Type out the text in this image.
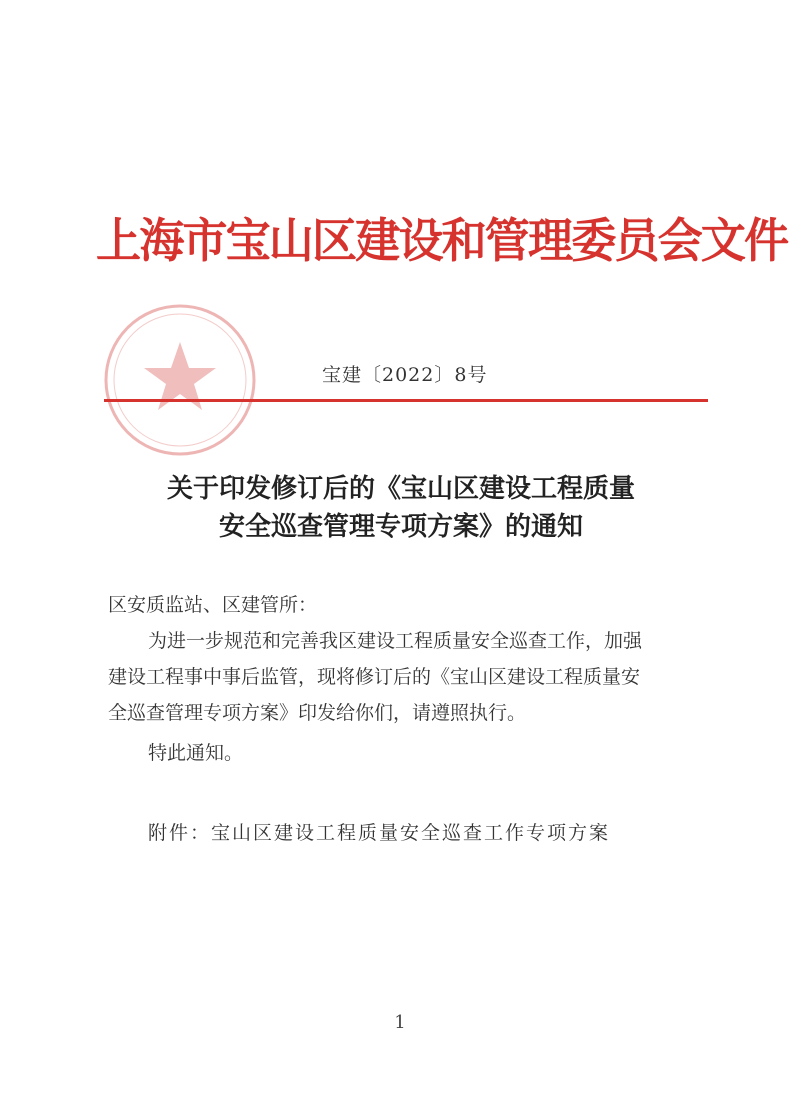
上海市宝山区建设和管理委员会文件
宝建〔2022〕8号
关于印发修订后的《宝山区建设工程质量
安全巡查管理专项方案》的通知
区安质监站、区建管所：
为进一步规范和完善我区建设工程质量安全巡查工作，加强
建设工程事中事后监管，现将修订后的《宝山区建设工程质量安
全巡查管理专项方案》印发给你们，请遵照执行。
特此通知。
附件：宝山区建设工程质量安全巡查工作专项方案
1
